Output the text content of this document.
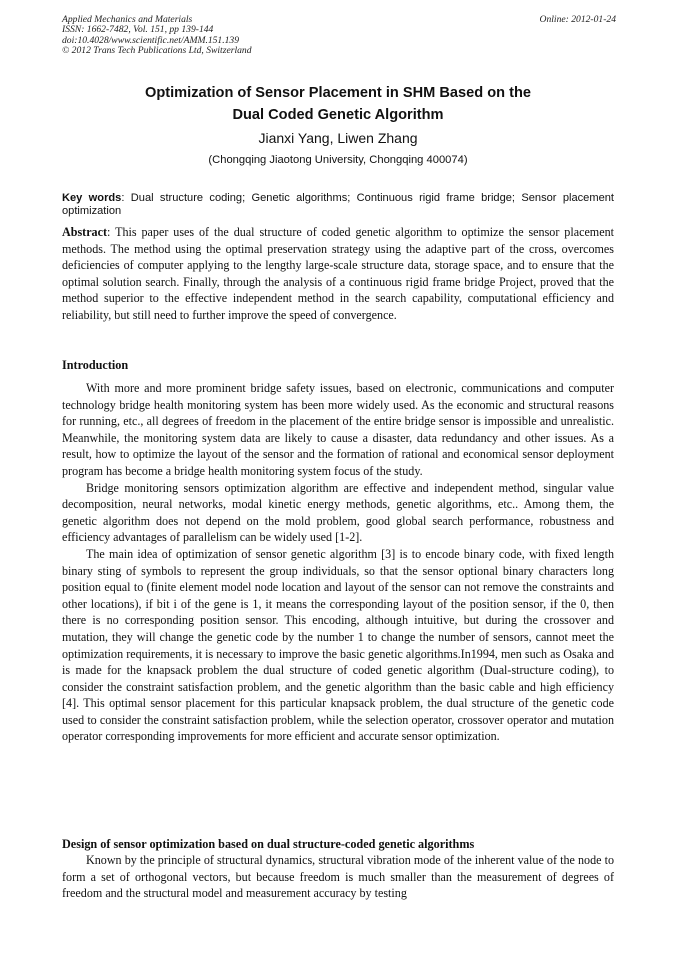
Applied Mechanics and Materials
ISSN: 1662-7482, Vol. 151, pp 139-144
doi:10.4028/www.scientific.net/AMM.151.139
© 2012 Trans Tech Publications Ltd, Switzerland
Online: 2012-01-24
Optimization of Sensor Placement in SHM Based on the
Dual Coded Genetic Algorithm
Jianxi Yang, Liwen Zhang
(Chongqing Jiaotong University, Chongqing 400074)
Key words: Dual structure coding; Genetic algorithms; Continuous rigid frame bridge; Sensor placement optimization
Abstract: This paper uses of the dual structure of coded genetic algorithm to optimize the sensor placement methods. The method using the optimal preservation strategy using the adaptive part of the cross, overcomes deficiencies of computer applying to the lengthy large-scale structure data, storage space, and to ensure that the optimal solution search. Finally, through the analysis of a continuous rigid frame bridge Project, proved that the method superior to the effective independent method in the search capability, computational efficiency and reliability, but still need to further improve the speed of convergence.
Introduction

With more and more prominent bridge safety issues, based on electronic, communications and computer technology bridge health monitoring system has been more widely used. As the economic and structural reasons for running, etc., all degrees of freedom in the placement of the entire bridge sensor is impossible and unrealistic. Meanwhile, the monitoring system data are likely to cause a disaster, data redundancy and other issues. As a result, how to optimize the layout of the sensor and the formation of rational and economical sensor deployment program has become a bridge health monitoring system focus of the study.

Bridge monitoring sensors optimization algorithm are effective and independent method, singular value decomposition, neural networks, modal kinetic energy methods, genetic algorithms, etc.. Among them, the genetic algorithm does not depend on the mold problem, good global search performance, robustness and efficiency advantages of parallelism can be widely used [1-2].

The main idea of optimization of sensor genetic algorithm [3] is to encode binary code, with fixed length binary sting of symbols to represent the group individuals, so that the sensor optional binary characters long position equal to (finite element model node location and layout of the sensor can not remove the constraints and other locations), if bit i of the gene is 1, it means the corresponding layout of the position sensor, if the 0, then there is no corresponding position sensor. This encoding, although intuitive, but during the crossover and mutation, they will change the genetic code by the number 1 to change the number of sensors, cannot meet the optimization requirements, it is necessary to improve the basic genetic algorithms.In1994, men such as Osaka and is made for the knapsack problem the dual structure of coded genetic algorithm (Dual-structure coding), to consider the constraint satisfaction problem, and the genetic algorithm than the basic cable and high efficiency [4]. This optimal sensor placement for this particular knapsack problem, the dual structure of the genetic code used to consider the constraint satisfaction problem, while the selection operator, crossover operator and mutation operator corresponding improvements for more efficient and accurate sensor optimization.

Design of sensor optimization based on dual structure-coded genetic algorithms

Known by the principle of structural dynamics, structural vibration mode of the inherent value of the node to form a set of orthogonal vectors, but because freedom is much smaller than the measurement of degrees of freedom and the structural model and measurement accuracy by testing
